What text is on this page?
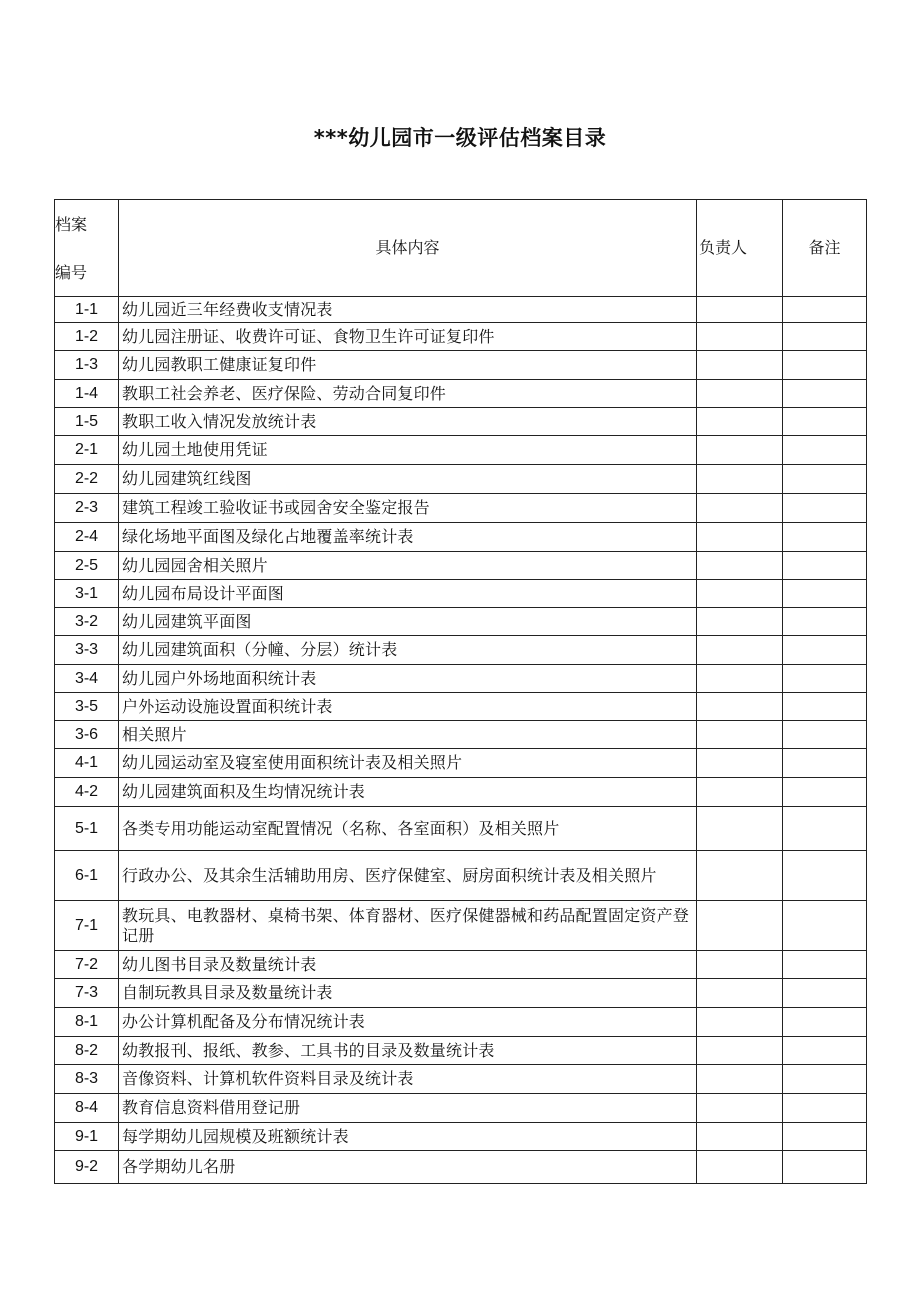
***幼儿园市一级评估档案目录
档案
编号	具体内容	负责人	备注
1-1	幼儿园近三年经费收支情况表		
1-2	幼儿园注册证、收费许可证、食物卫生许可证复印件		
1-3	幼儿园教职工健康证复印件		
1-4	教职工社会养老、医疗保险、劳动合同复印件		
1-5	教职工收入情况发放统计表		
2-1	幼儿园土地使用凭证		
2-2	幼儿园建筑红线图		
2-3	建筑工程竣工验收证书或园舍安全鉴定报告		
2-4	绿化场地平面图及绿化占地覆盖率统计表		
2-5	幼儿园园舍相关照片		
3-1	幼儿园布局设计平面图		
3-2	幼儿园建筑平面图		
3-3	幼儿园建筑面积（分幢、分层）统计表		
3-4	幼儿园户外场地面积统计表		
3-5	户外运动设施设置面积统计表		
3-6	相关照片		
4-1	幼儿园运动室及寝室使用面积统计表及相关照片		
4-2	幼儿园建筑面积及生均情况统计表		
5-1	各类专用功能运动室配置情况（名称、各室面积）及相关照片		
6-1	行政办公、及其余生活辅助用房、医疗保健室、厨房面积统计表及相关照片		
7-1	教玩具、电教器材、桌椅书架、体育器材、医疗保健器械和药品配置固定资产登记册		
7-2	幼儿图书目录及数量统计表		
7-3	自制玩教具目录及数量统计表		
8-1	办公计算机配备及分布情况统计表		
8-2	幼教报刊、报纸、教参、工具书的目录及数量统计表		
8-3	音像资料、计算机软件资料目录及统计表		
8-4	教育信息资料借用登记册		
9-1	每学期幼儿园规模及班额统计表		
9-2	各学期幼儿名册		
